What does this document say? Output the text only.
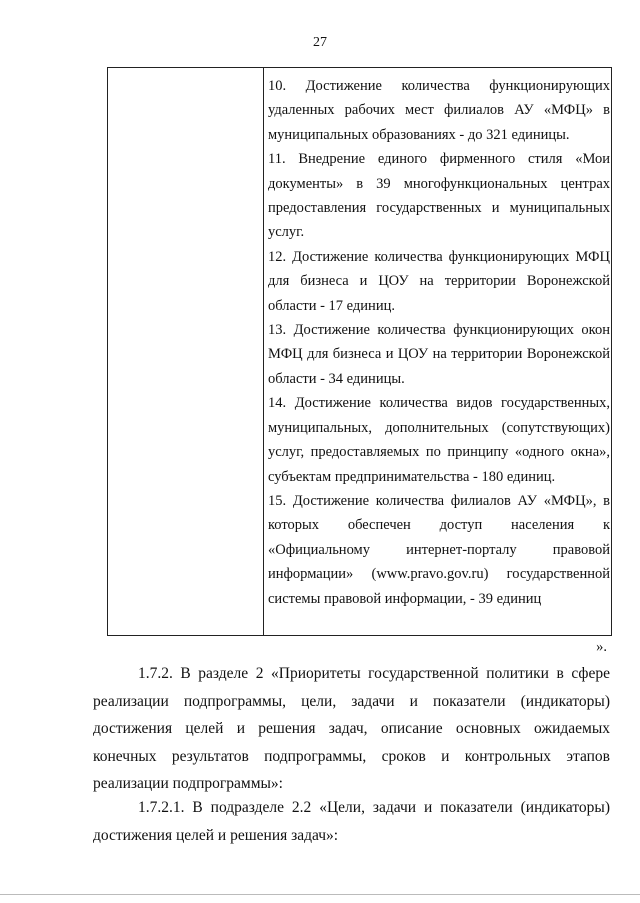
27

10. Достижение количества функционирующих удаленных рабочих мест филиалов АУ «МФЦ» в муниципальных образованиях - до 321 единицы.

11. Внедрение единого фирменного стиля «Мои документы» в 39 многофункциональных центрах предоставления государственных и муниципальных услуг.

12. Достижение количества функционирующих МФЦ для бизнеса и ЦОУ на территории Воронежской области - 17 единиц.

13. Достижение количества функционирующих окон МФЦ для бизнеса и ЦОУ на территории Воронежской области - 34 единицы.

14. Достижение количества видов государственных, муниципальных, дополнительных (сопутствующих) услуг, предоставляемых по принципу «одного окна», субъектам предпринимательства - 180 единиц.

15. Достижение количества филиалов АУ «МФЦ», в которых обеспечен доступ населения к «Официальному интернет-порталу правовой информации» (www.pravo.gov.ru) государственной системы правовой информации, - 39 единиц

».

1.7.2. В разделе 2 «Приоритеты государственной политики в сфере реализации подпрограммы, цели, задачи и показатели (индикаторы) достижения целей и решения задач, описание основных ожидаемых конечных результатов подпрограммы, сроков и контрольных этапов реализации подпрограммы»:

1.7.2.1. В подразделе 2.2 «Цели, задачи и показатели (индикаторы) достижения целей и решения задач»:
